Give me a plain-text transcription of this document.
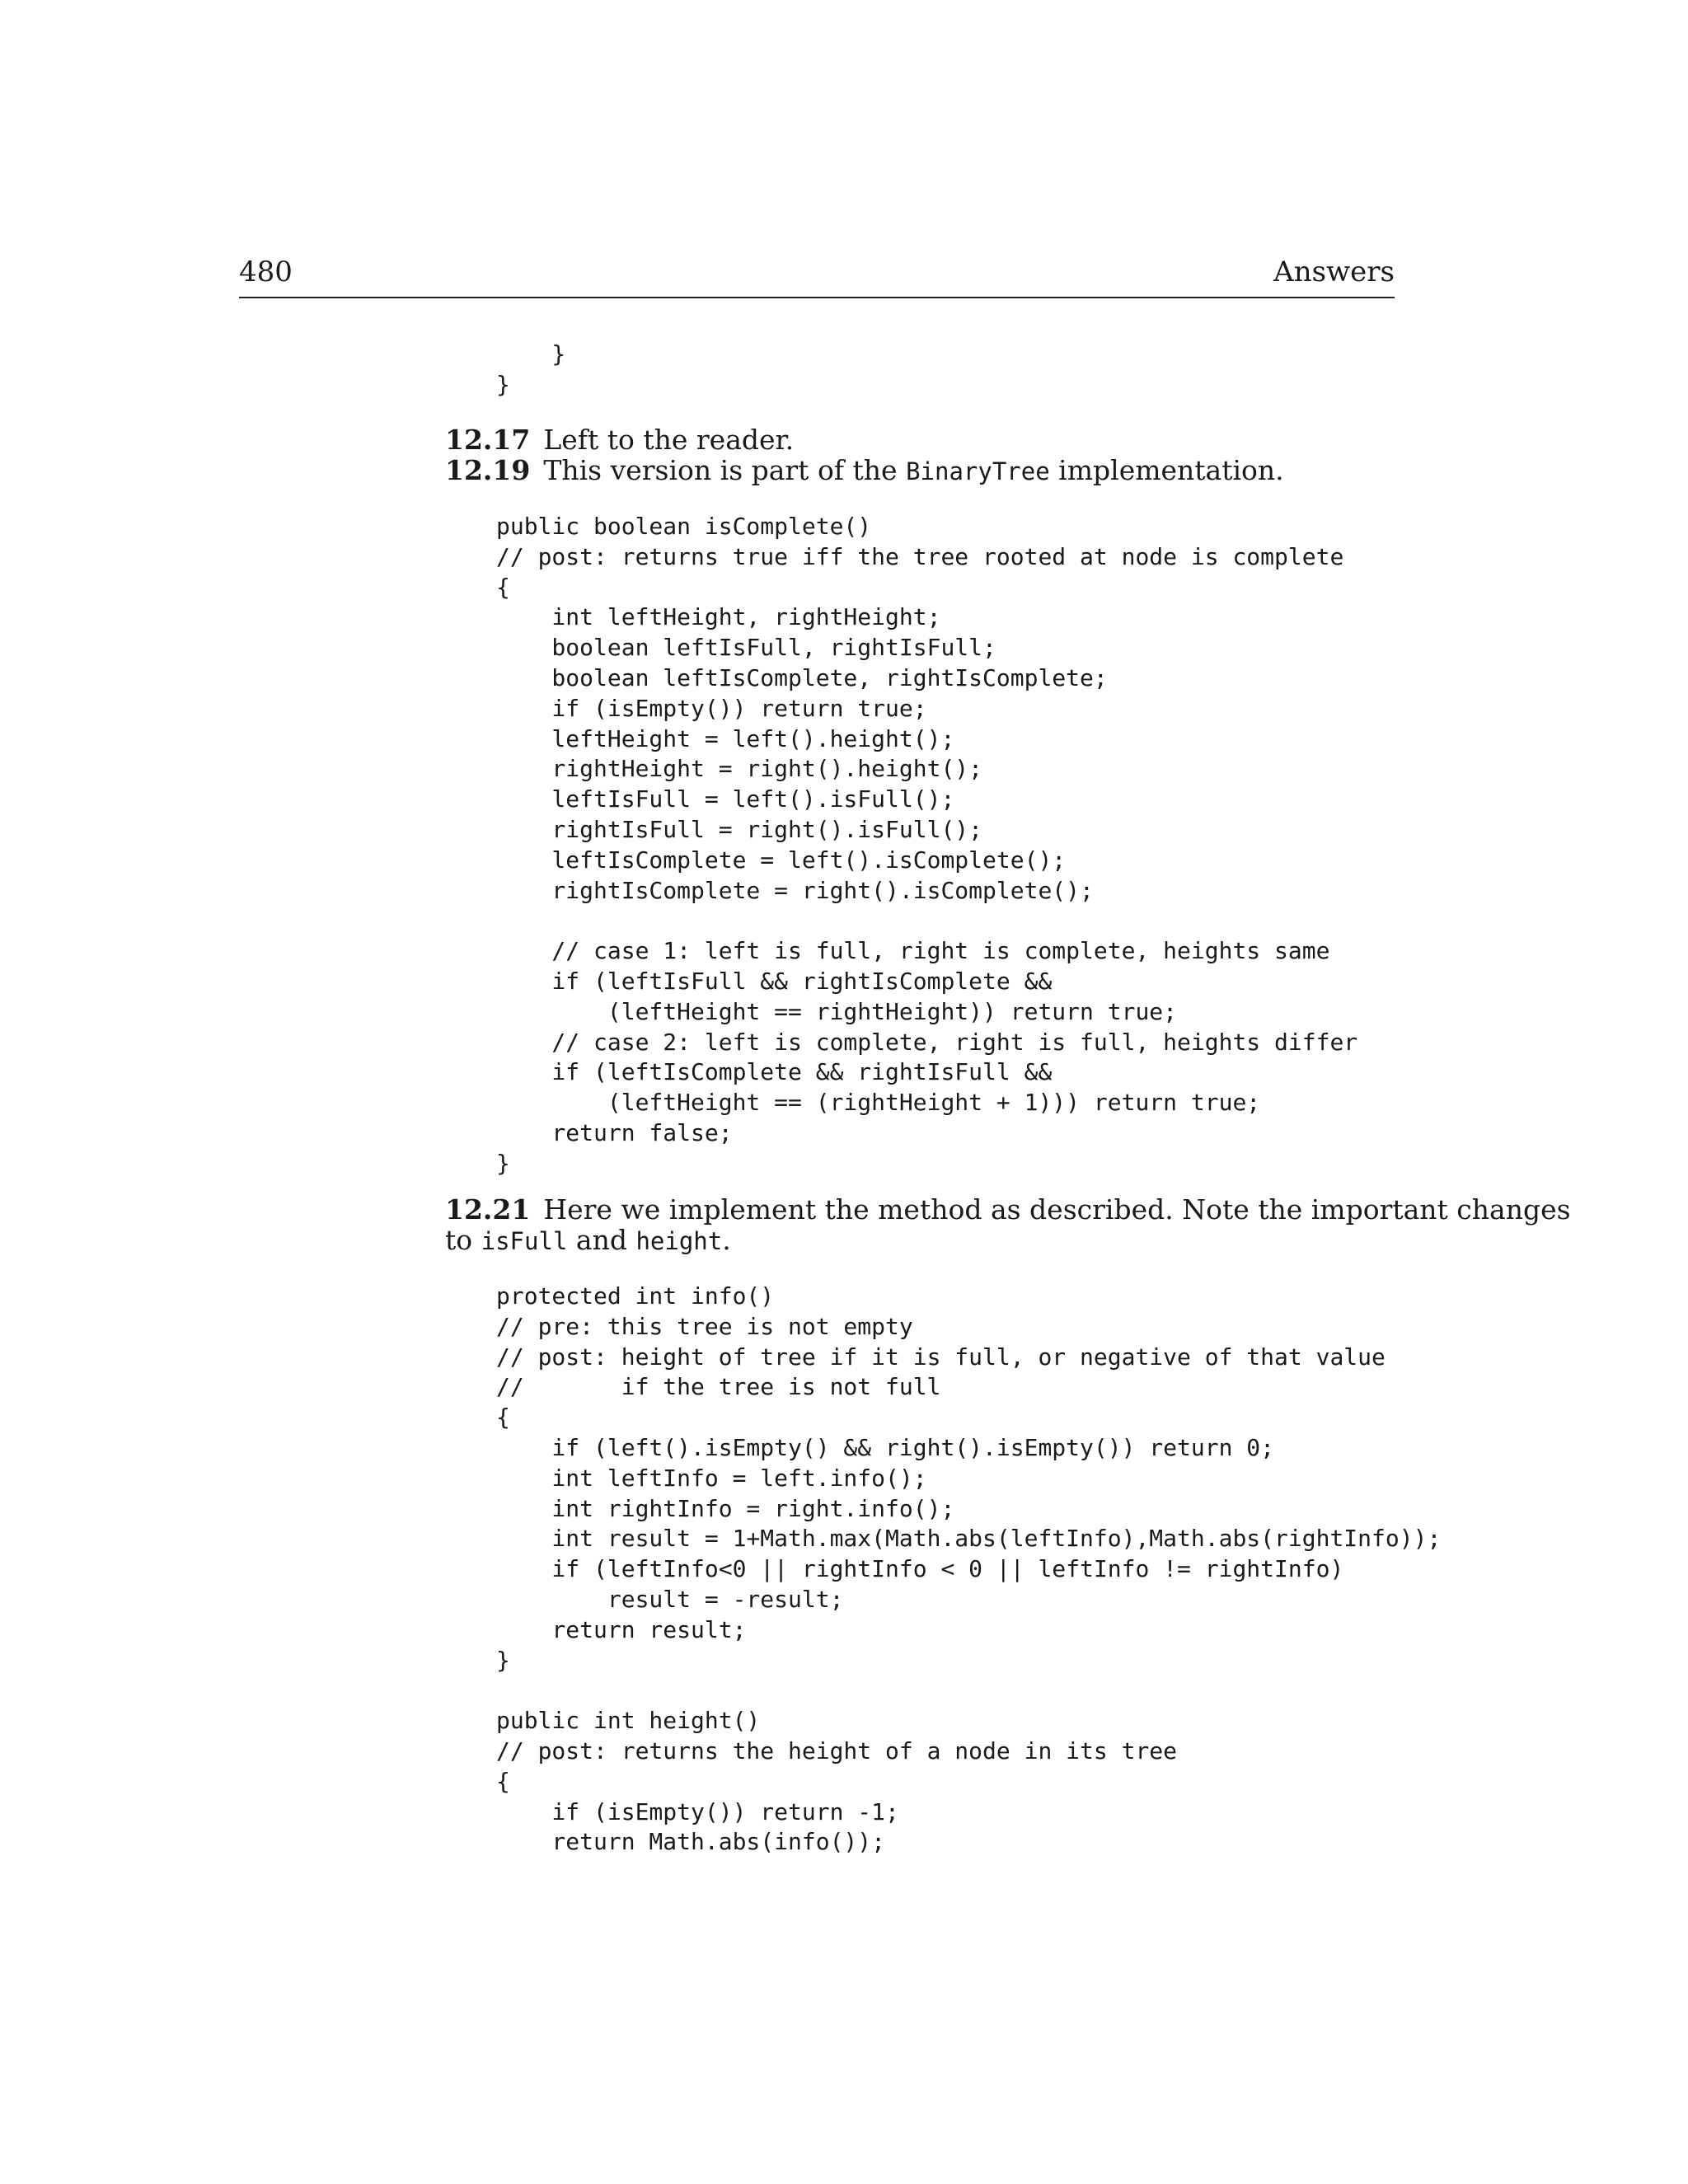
480	Answers
}
}
12.17 Left to the reader.
12.19 This version is part of the BinaryTree implementation.
public boolean isComplete()
// post: returns true iff the tree rooted at node is complete
{
int leftHeight, rightHeight;
boolean leftIsFull, rightIsFull;
boolean leftIsComplete, rightIsComplete;
if (isEmpty()) return true;
leftHeight = left().height();
rightHeight = right().height();
leftIsFull = left().isFull();
rightIsFull = right().isFull();
leftIsComplete = left().isComplete();
rightIsComplete = right().isComplete();
// case 1: left is full, right is complete, heights same
if (leftIsFull && rightIsComplete &&
(leftHeight == rightHeight)) return true;
// case 2: left is complete, right is full, heights differ
if (leftIsComplete && rightIsFull &&
(leftHeight == (rightHeight + 1))) return true;
return false;
}
12.21 Here we implement the method as described. Note the important changes
to isFull and height.
protected int info()
// pre: this tree is not empty
// post: height of tree if it is full, or negative of that value
//       if the tree is not full
{
if (left().isEmpty() && right().isEmpty()) return 0;
int leftInfo = left.info();
int rightInfo = right.info();
int result = 1+Math.max(Math.abs(leftInfo),Math.abs(rightInfo));
if (leftInfo<0 || rightInfo < 0 || leftInfo != rightInfo)
result = -result;
return result;
}
public int height()
// post: returns the height of a node in its tree
{
if (isEmpty()) return -1;
return Math.abs(info());
